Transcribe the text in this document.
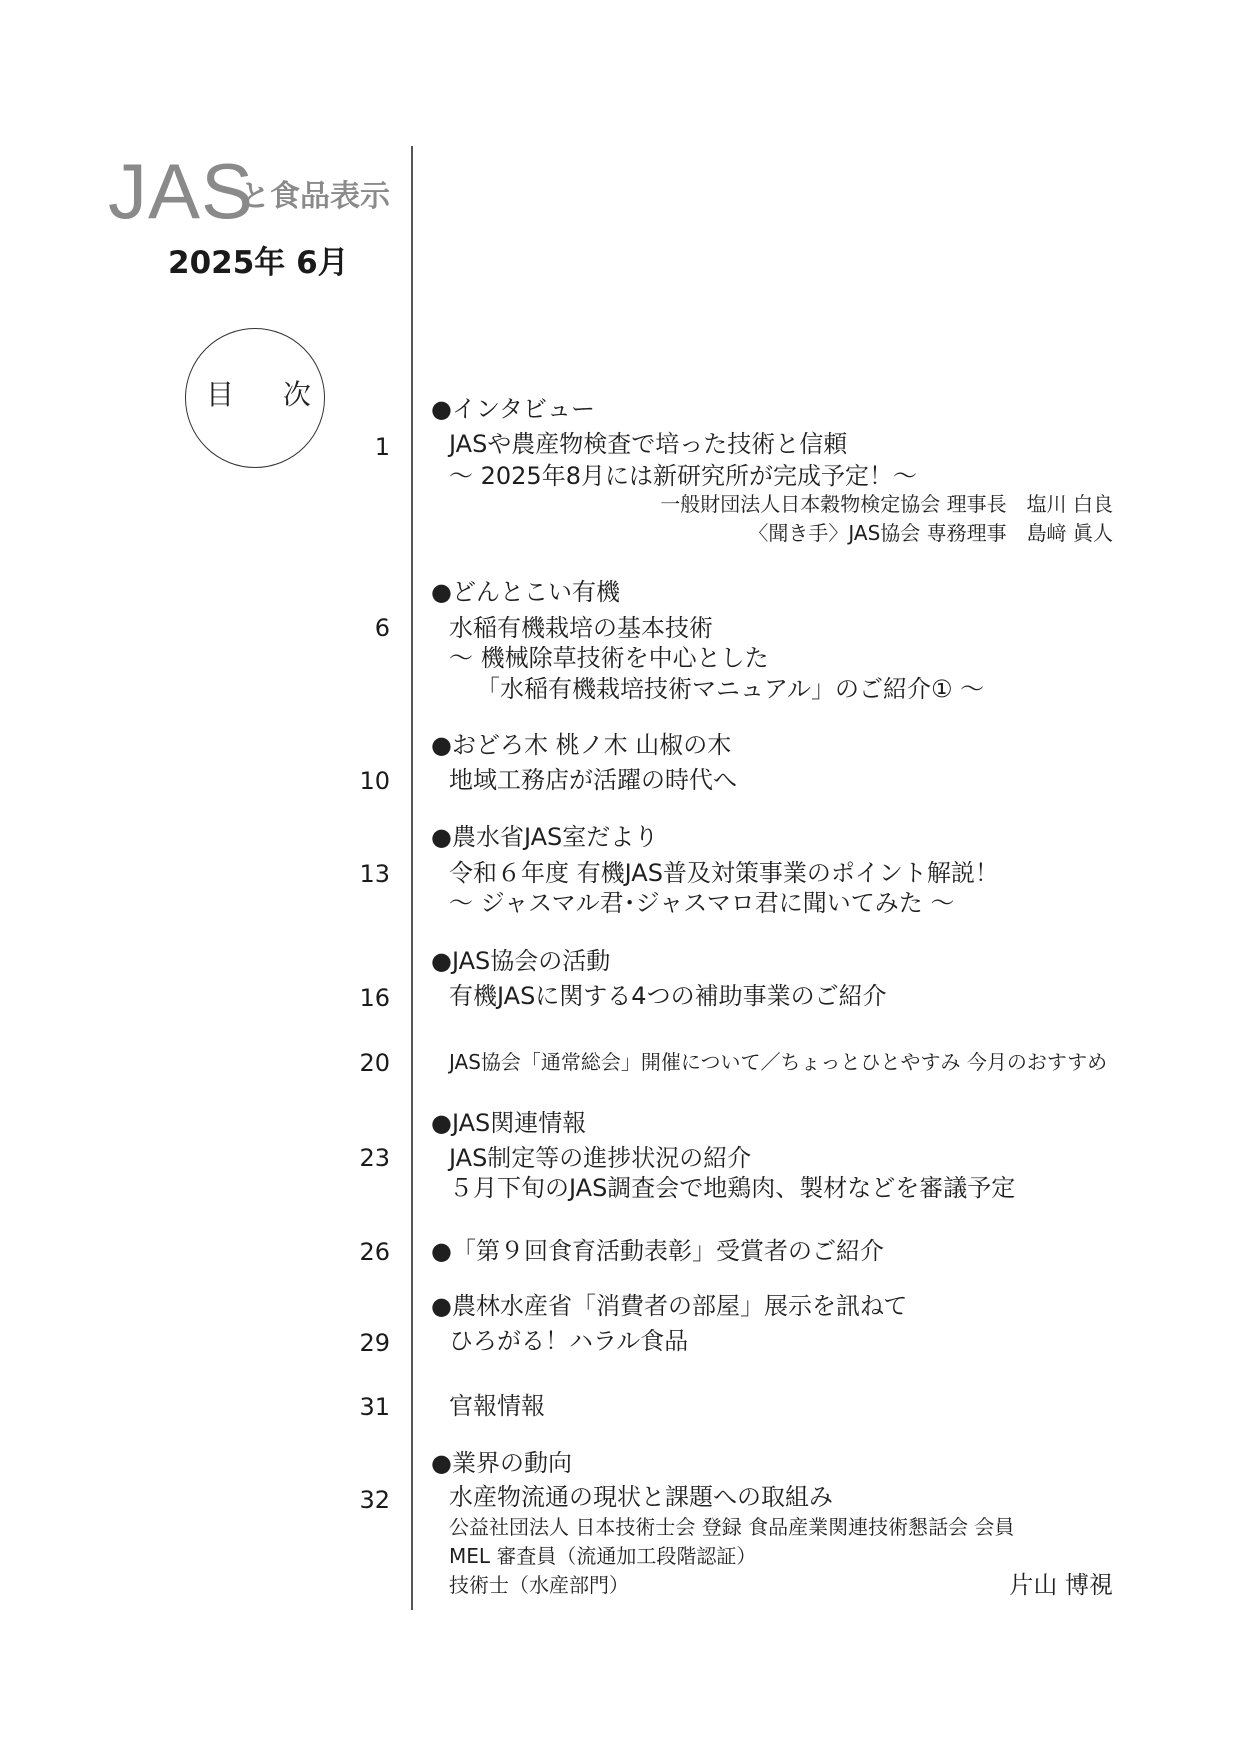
JAS
と食品表示
2025年 6月
目 次
1
●インタビュー
JASや農産物検査で培った技術と信頼
～ 2025年8月には新研究所が完成予定！～
一般財団法人日本穀物検定協会 理事長　塩川 白良
〈聞き手〉JAS協会 専務理事　島﨑 眞人
6
●どんとこい有機
水稲有機栽培の基本技術
～ 機械除草技術を中心とした
「水稲有機栽培技術マニュアル」のご紹介① ～
10
●おどろ木 桃ノ木 山椒の木
地域工務店が活躍の時代へ
13
●農水省JAS室だより
令和６年度 有機JAS普及対策事業のポイント解説！
～ ジャスマル君･ジャスマロ君に聞いてみた ～
16
●JAS協会の活動
有機JASに関する4つの補助事業のご紹介
20	JAS協会「通常総会」開催について／ちょっとひとやすみ 今月のおすすめ
23
●JAS関連情報
JAS制定等の進捗状況の紹介
５月下旬のJAS調査会で地鶏肉、製材などを審議予定
26 ●「第９回食育活動表彰」受賞者のご紹介
29
●農林水産省「消費者の部屋」展示を訊ねて
ひろがる！ハラル食品
31 官報情報
32
●業界の動向
水産物流通の現状と課題への取組み
公益社団法人 日本技術士会 登録 食品産業関連技術懇話会 会員
MEL 審査員（流通加工段階認証）
技術士（水産部門）	片山 博視
